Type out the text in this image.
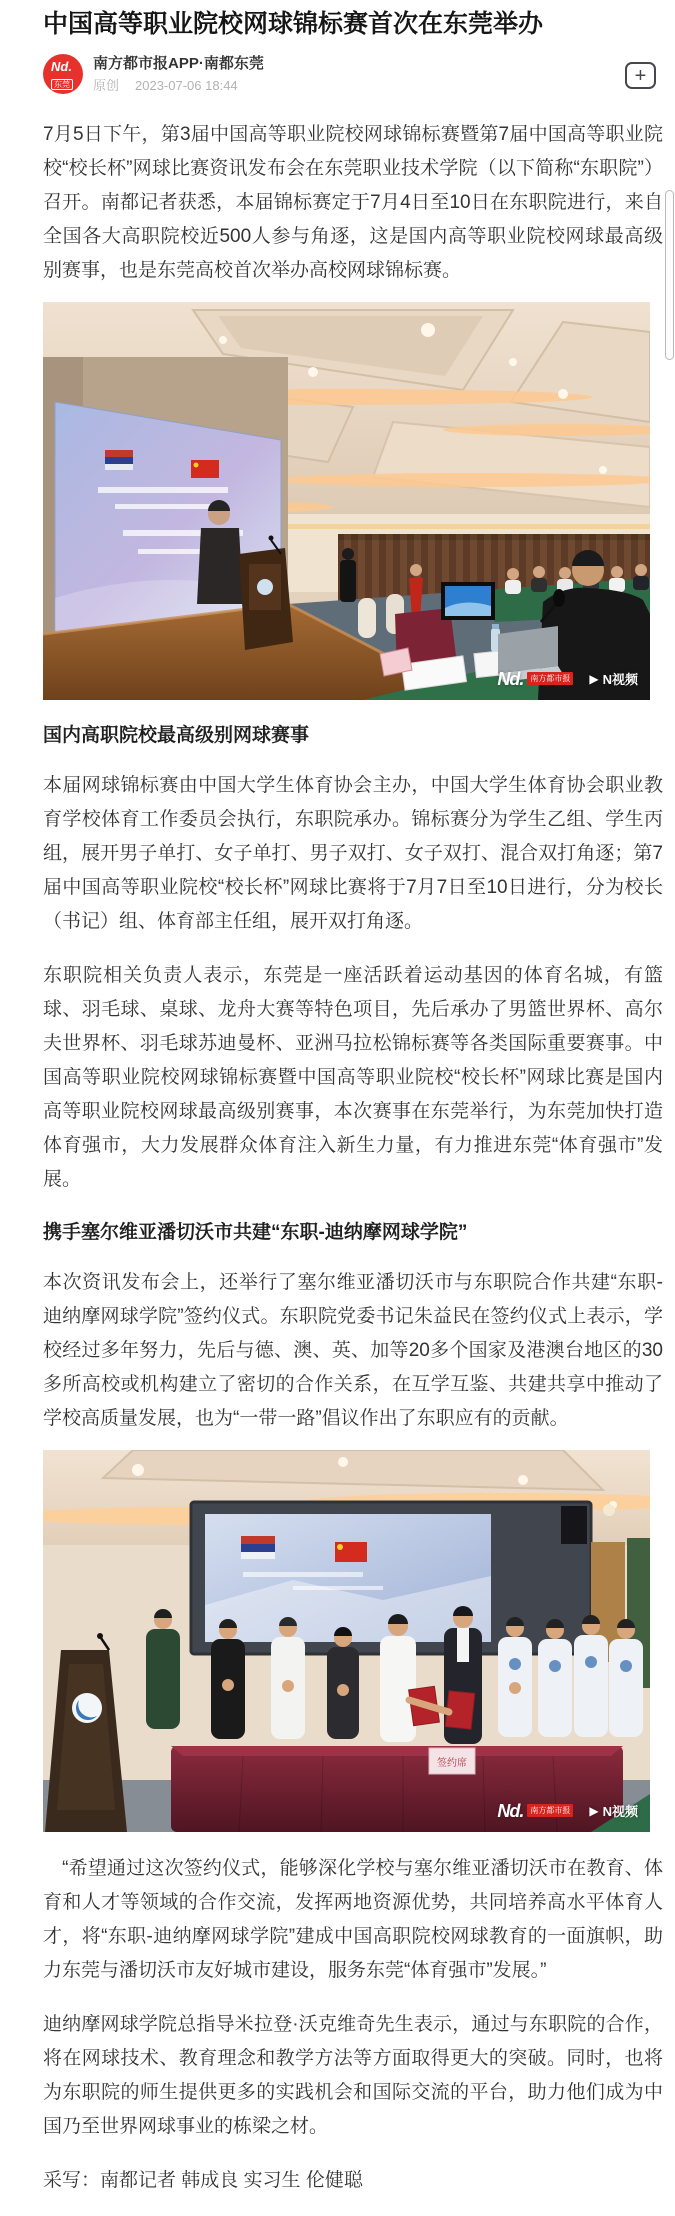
中国高等职业院校网球锦标赛首次在东莞举办
Nd.
东莞
南方都市报APP·南都东莞
原创 2023-07-06 18:44	+

7月5日下午，第3届中国高等职业院校网球锦标赛暨第7届中国高等职业院校“校长杯”网球比赛资讯发布会在东莞职业技术学院（以下简称“东职院”）召开。南都记者获悉，本届锦标赛定于7月4日至10日在东职院进行，来自全国各大高职院校近500人参与角逐，这是国内高等职业院校网球最高级别赛事，也是东莞高校首次举办高校网球锦标赛。

Nd. 南方都市报 ▶ N视频
国内高职院校最高级别网球赛事

本届网球锦标赛由中国大学生体育协会主办，中国大学生体育协会职业教育学校体育工作委员会执行，东职院承办。锦标赛分为学生乙组、学生丙组，展开男子单打、女子单打、男子双打、女子双打、混合双打角逐；第7届中国高等职业院校“校长杯”网球比赛将于7月7日至10日进行，分为校长（书记）组、体育部主任组，展开双打角逐。

东职院相关负责人表示，东莞是一座活跃着运动基因的体育名城，有篮球、羽毛球、桌球、龙舟大赛等特色项目，先后承办了男篮世界杯、高尔夫世界杯、羽毛球苏迪曼杯、亚洲马拉松锦标赛等各类国际重要赛事。中国高等职业院校网球锦标赛暨中国高等职业院校“校长杯”网球比赛是国内高等职业院校网球最高级别赛事，本次赛事在东莞举行，为东莞加快打造体育强市，大力发展群众体育注入新生力量，有力推进东莞“体育强市”发展。

携手塞尔维亚潘切沃市共建“东职-迪纳摩网球学院”

本次资讯发布会上，还举行了塞尔维亚潘切沃市与东职院合作共建“东职-迪纳摩网球学院”签约仪式。东职院党委书记朱益民在签约仪式上表示，学校经过多年努力，先后与德、澳、英、加等20多个国家及港澳台地区的30多所高校或机构建立了密切的合作关系，在互学互鉴、共建共享中推动了学校高质量发展，也为“一带一路”倡议作出了东职应有的贡献。

签约席
Nd. 南方都市报 ▶ N视频

　“希望通过这次签约仪式，能够深化学校与塞尔维亚潘切沃市在教育、体育和人才等领域的合作交流，发挥两地资源优势，共同培养高水平体育人才，将“东职-迪纳摩网球学院”建成中国高职院校网球教育的一面旗帜，助力东莞与潘切沃市友好城市建设，服务东莞“体育强市”发展。”

迪纳摩网球学院总指导米拉登·沃克维奇先生表示，通过与东职院的合作，将在网球技术、教育理念和教学方法等方面取得更大的突破。同时，也将为东职院的师生提供更多的实践机会和国际交流的平台，助力他们成为中国乃至世界网球事业的栋梁之材。

采写：南都记者 韩成良 实习生 伦健聪
